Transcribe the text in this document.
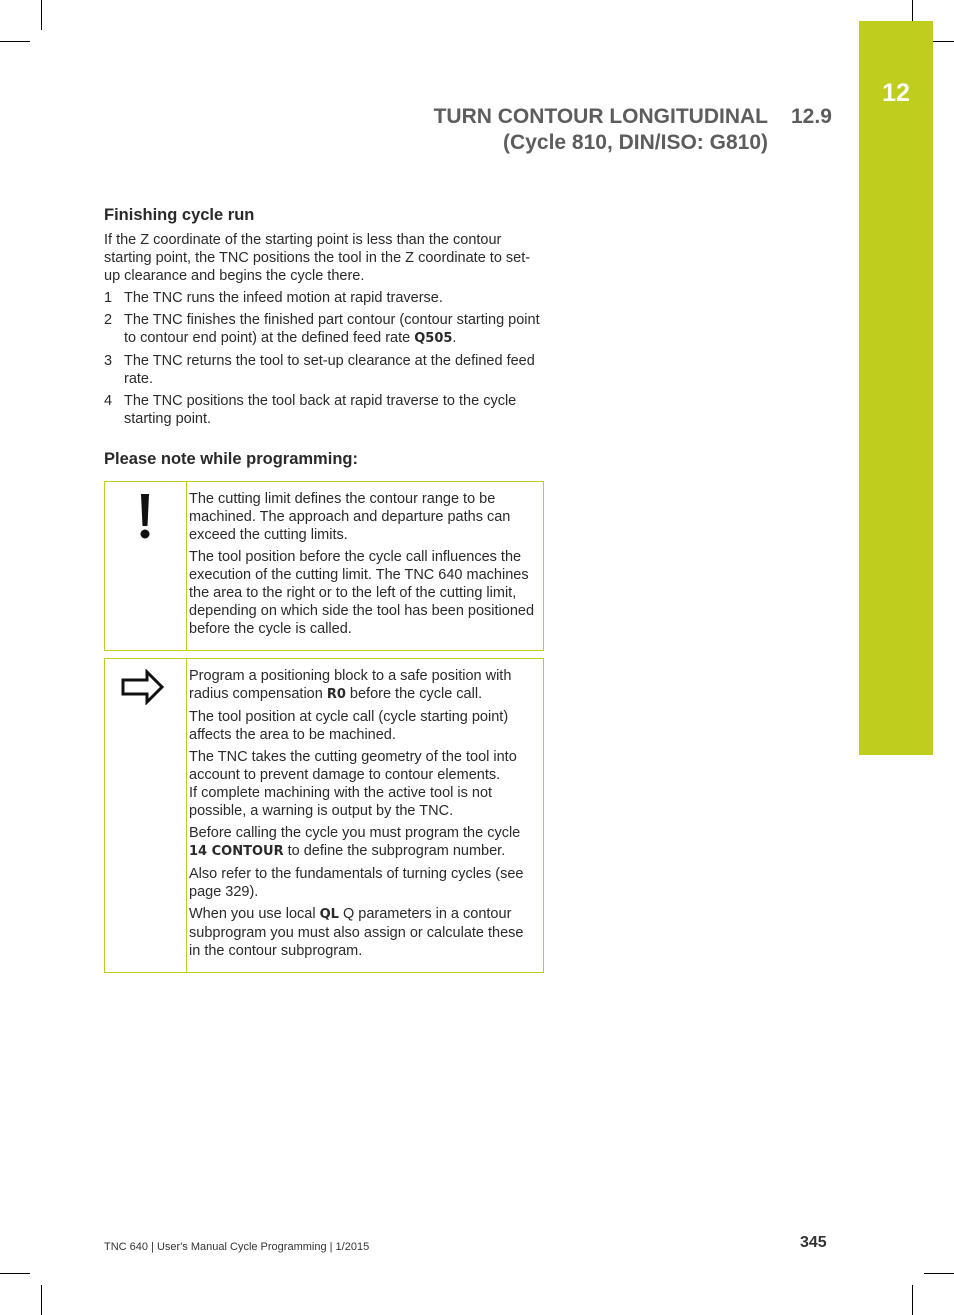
12
TURN CONTOUR LONGITUDINAL
(Cycle 810, DIN/ISO: G810)
12.9
Finishing cycle run

If the Z coordinate of the starting point is less than the contour starting point, the TNC positions the tool in the Z coordinate to set-up clearance and begins the cycle there.

1 The TNC runs the infeed motion at rapid traverse.
2 The TNC finishes the finished part contour (contour starting point to contour end point) at the defined feed rate Q505.
3 The TNC returns the tool to set-up clearance at the defined feed rate.
4 The TNC positions the tool back at rapid traverse to the cycle starting point.
Please note while programming:

The cutting limit defines the contour range to be machined. The approach and departure paths can exceed the cutting limits.

The tool position before the cycle call influences the execution of the cutting limit. The TNC 640 machines the area to the right or to the left of the cutting limit, depending on which side the tool has been positioned before the cycle is called.

Program a positioning block to a safe position with radius compensation R0 before the cycle call.

The tool position at cycle call (cycle starting point) affects the area to be machined.

The TNC takes the cutting geometry of the tool into account to prevent damage to contour elements.

If complete machining with the active tool is not possible, a warning is output by the TNC.

Before calling the cycle you must program the cycle 14 CONTOUR to define the subprogram number.

Also refer to the fundamentals of turning cycles (see page 329).

When you use local QL Q parameters in a contour subprogram you must also assign or calculate these in the contour subprogram.

TNC 640 | User's Manual Cycle Programming | 1/2015	345
